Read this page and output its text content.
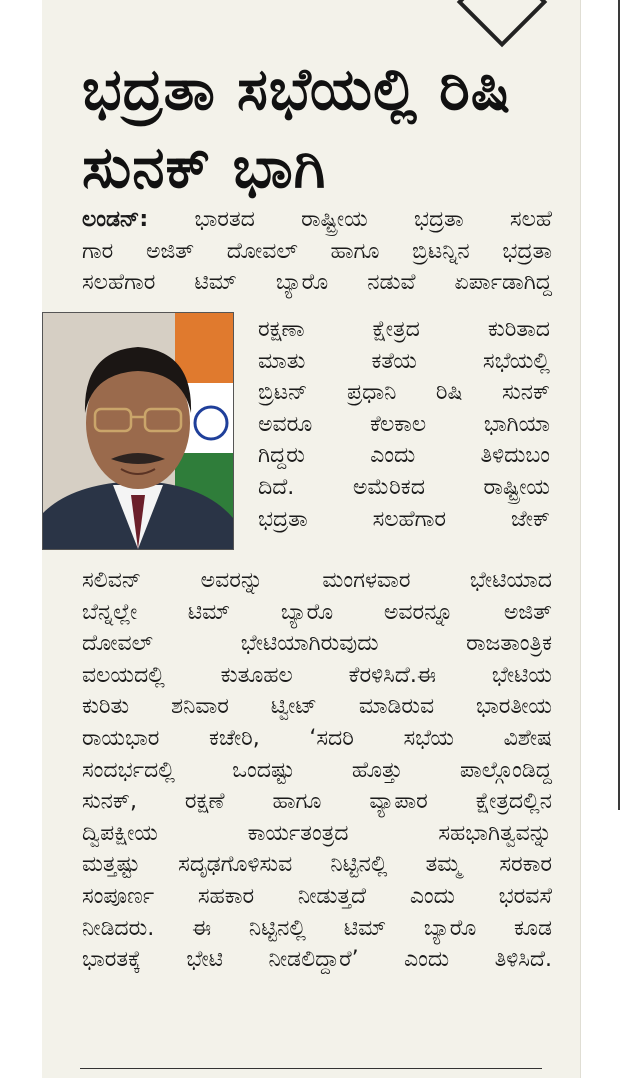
ಭದ್ರತಾ ಸಭೆಯಲ್ಲಿ ರಿಷಿ ಸುನಕ್ ಭಾಗಿ
ಲಂಡನ್: ಭಾರತದ ರಾಷ್ಟ್ರೀಯ ಭದ್ರತಾ ಸಲಹೆ
ಗಾರ ಅಜಿತ್ ದೋವಲ್ ಹಾಗೂ ಬ್ರಿಟನ್ನಿನ ಭದ್ರತಾ
ಸಲಹೆಗಾರ ಟಿಮ್ ಬ್ಯಾರೊ ನಡುವೆ ಏರ್ಪಾಡಾಗಿದ್ದ
ರಕ್ಷಣಾ ಕ್ಷೇತ್ರದ ಕುರಿತಾದ
ಮಾತು ಕತೆಯ ಸಭೆಯಲ್ಲಿ
ಬ್ರಿಟನ್ ಪ್ರಧಾನಿ ರಿಷಿ ಸುನಕ್
ಅವರೂ ಕೆಲಕಾಲ ಭಾಗಿಯಾ
ಗಿದ್ದರು ಎಂದು ತಿಳಿದುಬಂ
ದಿದೆ. ಅಮೆರಿಕದ ರಾಷ್ಟ್ರೀಯ
ಭದ್ರತಾ ಸಲಹೆಗಾರ ಜೇಕ್
ಸಲಿವನ್ ಅವರನ್ನು ಮಂಗಳವಾರ ಭೇಟಿಯಾದ
ಬೆನ್ನಲ್ಲೇ ಟಿಮ್ ಬ್ಯಾರೊ ಅವರನ್ನೂ ಅಜಿತ್
ದೋವಲ್ ಭೇಟಿಯಾಗಿರುವುದು ರಾಜತಾಂತ್ರಿಕ
ವಲಯದಲ್ಲಿ ಕುತೂಹಲ ಕೆರಳಿಸಿದೆ.ಈ ಭೇಟಿಯ
ಕುರಿತು ಶನಿವಾರ ಟ್ವೀಟ್ ಮಾಡಿರುವ ಭಾರತೀಯ
ರಾಯಭಾರ ಕಚೇರಿ, ‘ಸದರಿ ಸಭೆಯ ವಿಶೇಷ
ಸಂದರ್ಭದಲ್ಲಿ ಒಂದಷ್ಟು ಹೊತ್ತು ಪಾಲ್ಗೊಂಡಿದ್ದ
ಸುನಕ್, ರಕ್ಷಣೆ ಹಾಗೂ ವ್ಯಾಪಾರ ಕ್ಷೇತ್ರದಲ್ಲಿನ
ದ್ವಿಪಕ್ಷೀಯ ಕಾರ್ಯತಂತ್ರದ ಸಹಭಾಗಿತ್ವವನ್ನು
ಮತ್ತಷ್ಟು ಸದೃಢಗೊಳಿಸುವ ನಿಟ್ಟಿನಲ್ಲಿ ತಮ್ಮ ಸರಕಾರ
ಸಂಪೂರ್ಣ ಸಹಕಾರ ನೀಡುತ್ತದೆ ಎಂದು ಭರವಸೆ
ನೀಡಿದರು. ಈ ನಿಟ್ಟಿನಲ್ಲಿ ಟಿಮ್ ಬ್ಯಾರೊ ಕೂಡ
ಭಾರತಕ್ಕೆ ಭೇಟಿ ನೀಡಲಿದ್ದಾರೆ’ ಎಂದು ತಿಳಿಸಿದೆ.
